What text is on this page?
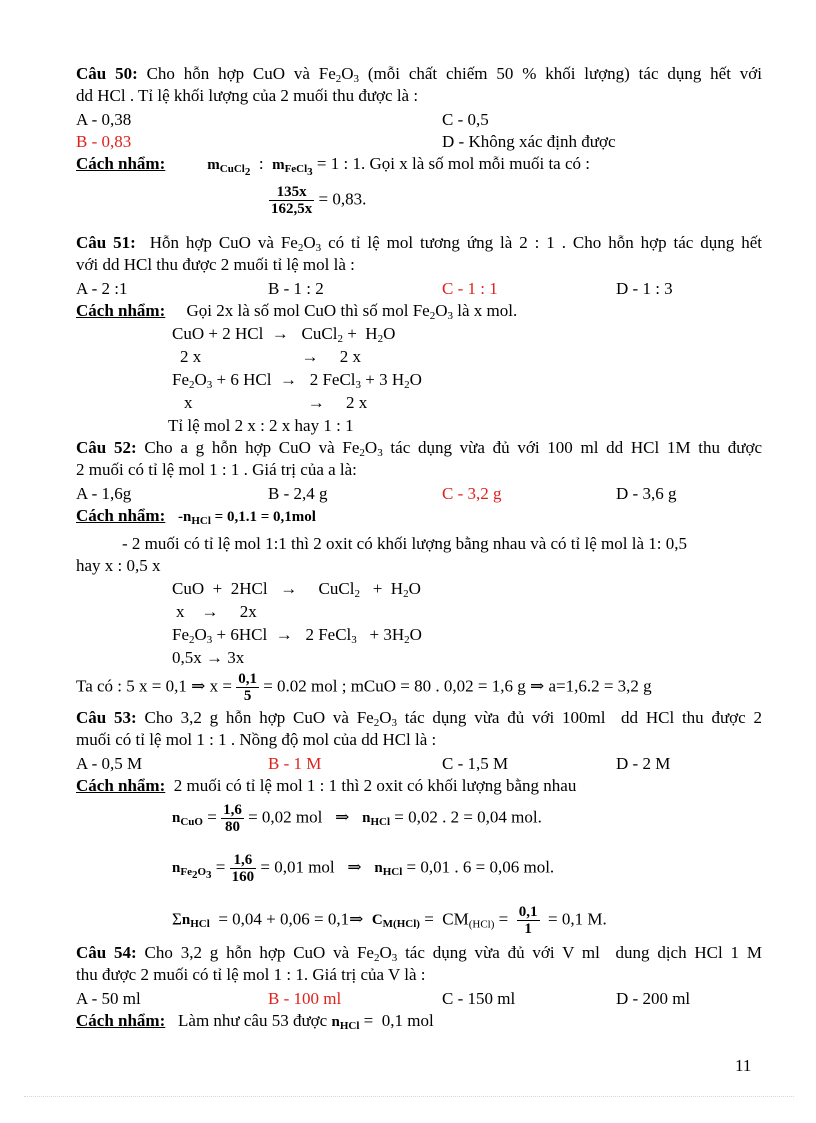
Câu 50: Cho hỗn hợp CuO và $Fe_2O_3$ (mỗi chất chiếm 50 % khối lượng) tác dụng hết với
dd HCl . Tỉ lệ khối lượng của 2 muối thu được là :
A - 0,38	C - 0,5
B - 0,83	D - Không xác định được
Cách nhẩm:	$m_{CuCl_2}$  :  $m_{FeCl_3} = 1$ : 1. Gọi x là số mol mỗi muối ta có :
$\frac{135x}{162,5x} = 0,83$.
Câu 51:  Hỗn hợp CuO và $Fe_2O_3$ có tỉ lệ mol tương ứng là 2 : 1 . Cho hỗn hợp tác dụng hết
với dd HCl thu được 2 muối tỉ lệ mol là :
A - 2 :1	B - 1 : 2	C - 1 : 1	D - 1 : 3
Cách nhẩm:     Gọi 2x là số mol CuO thì số mol $Fe_2O_3$ là x mol.
CuO + 2 HCl  →   CuCl$_2$ +  $H_2O$
2 x	→     2 x
$Fe_2O_3 + 6$ HCl  →   2 FeCl$_3$ + 3 $H_2O$
x	→     2 x
Tỉ lệ mol 2 x : 2 x hay 1 : 1
Câu 52: Cho a g hỗn hợp CuO và $Fe_2O_3$ tác dụng vừa đủ với 100 ml dd HCl 1M thu được
2 muối có tỉ lệ mol 1 : 1 . Giá trị của a là:
A - 1,6g	B - 2,4 g	C - 3,2 g	D - 3,6 g
Cách nhẩm: $-n_{HCl} = 0,1.1 = 0,1mol$
- 2 muối có tỉ lệ mol 1:1 thì 2 oxit có khối lượng bằng nhau và có tỉ lệ mol là 1: 0,5
hay x : 0,5 x
CuO  +  2HCl   →     CuCl$_2$   +  $H_2O$
x    →     2x
$Fe_2O_3 + 6HCl \to 2$ FeCl$_3$   + $3H_2O$
0,5x → 3x
Ta có : 5 x = 0,1 ⇒ $x = \frac{0,1}{5} = 0.02$ mol ; mCuO = 80 . 0,02 = 1,6 g ⇒ a=1,6.2 = 3,2 g
Câu 53: Cho 3,2 g hỗn hợp CuO và $Fe_2O_3$ tác dụng vừa đủ với 100ml  dd HCl thu được 2
muối có tỉ lệ mol 1 : 1 . Nồng độ mol của dd HCl là :
A - 0,5 M	B - 1 M	C - 1,5 M	D - 2 M
Cách nhẩm: 2 muối có tỉ lệ mol 1 : 1 thì 2 oxit có khối lượng bằng nhau
$n_{CuO} = \frac{1,6}{80} = 0,02$ mol   ⇒   $n_{HCl} = 0,02$ . 2 = 0,04 mol.
$n_{Fe_2O_3} = \frac{1,6}{160} = 0,01$ mol   ⇒   $n_{HCl} = 0,01$ . 6 = 0,06 mol.
$\Sigma n_{HCl} = 0,04 + 0,06$ = 0,1⇒  $C_{M(HCl)} = CM_{(HCl)} = \frac{0,1}{1} = 0,1$ M.
Câu 54: Cho 3,2 g hỗn hợp CuO và $Fe_2O_3$ tác dụng vừa đủ với V ml  dung dịch HCl 1 M
thu được 2 muối có tỉ lệ mol 1 : 1. Giá trị của V là :
A - 50 ml	B - 100 ml	C - 150 ml	D - 200 ml
Cách nhẩm:   Làm như câu 53 được $n_{HCl} = 0,1$ mol
11
